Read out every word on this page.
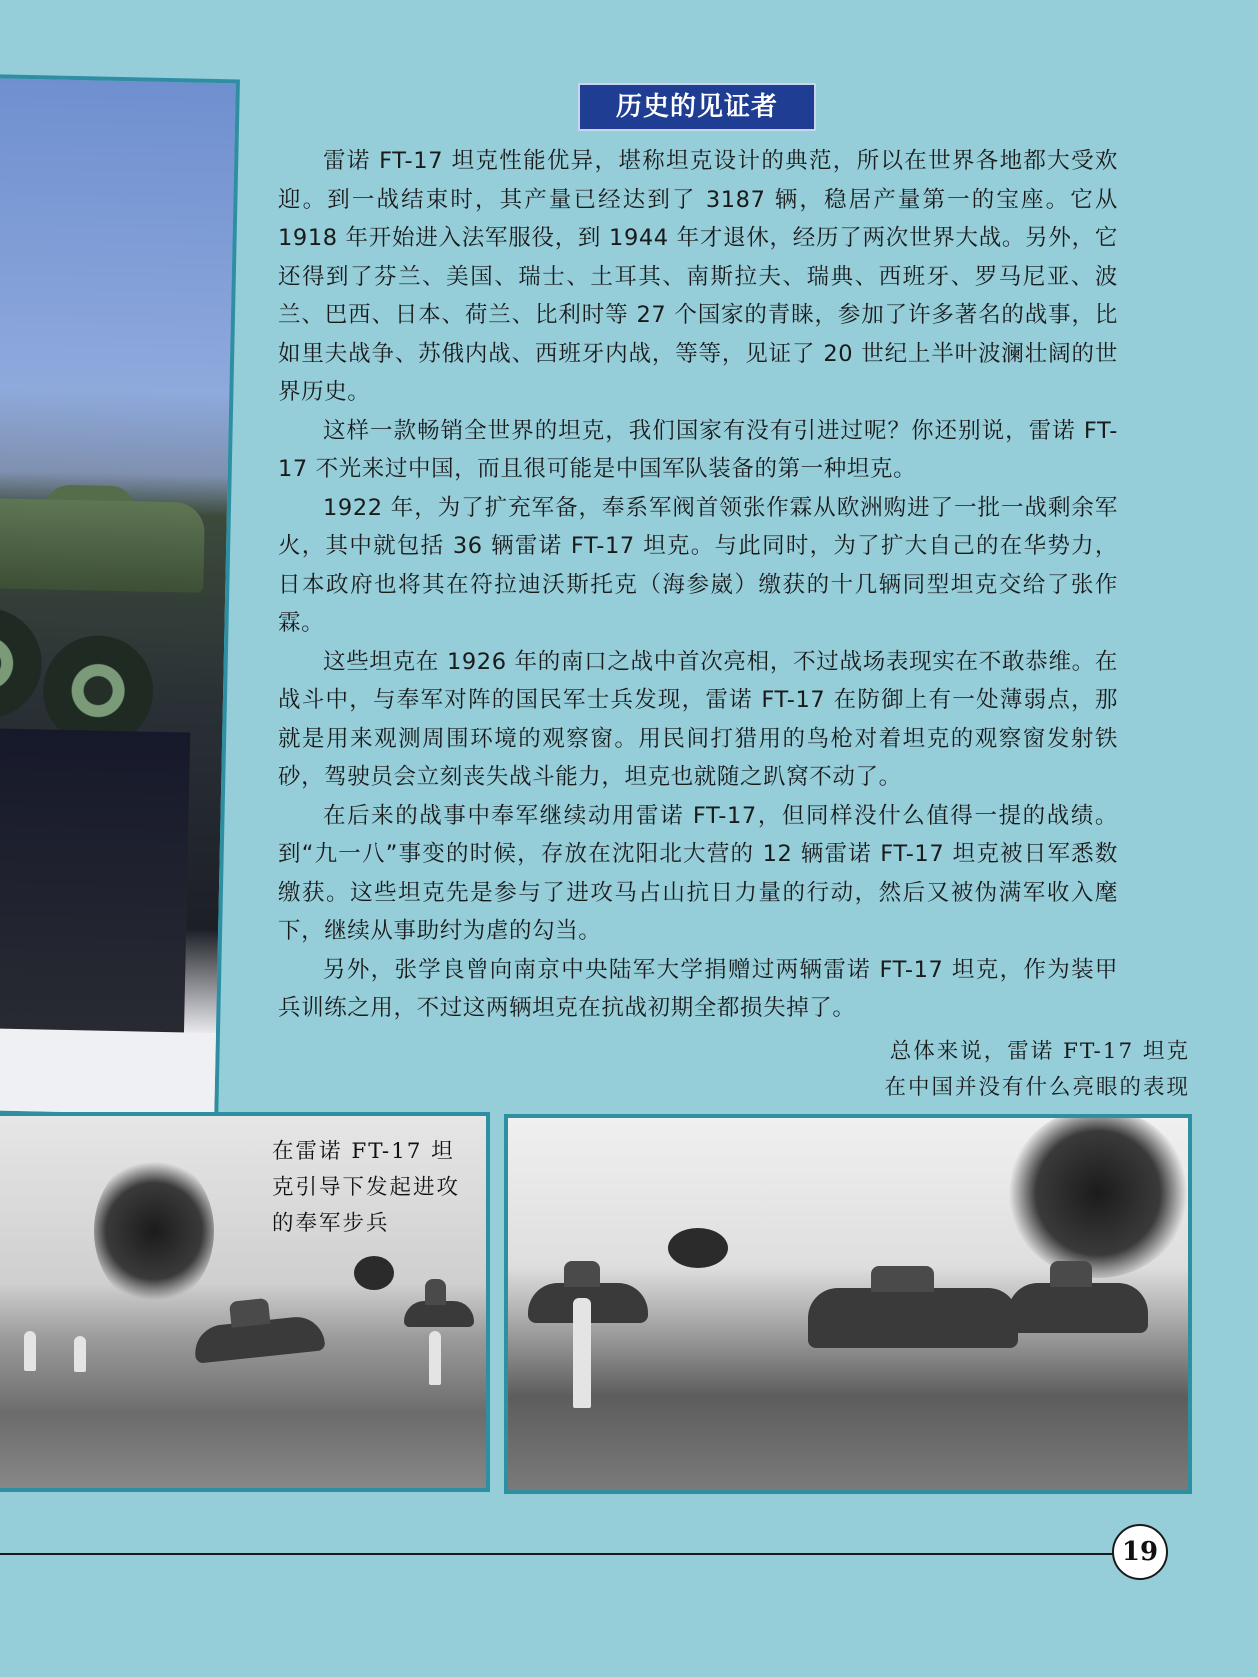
历史的见证者

雷诺 FT-17 坦克性能优异，堪称坦克设计的典范，所以在世界各地都大受欢迎。到一战结束时，其产量已经达到了 3187 辆，稳居产量第一的宝座。它从 1918 年开始进入法军服役，到 1944 年才退休，经历了两次世界大战。另外，它还得到了芬兰、美国、瑞士、土耳其、南斯拉夫、瑞典、西班牙、罗马尼亚、波兰、巴西、日本、荷兰、比利时等 27 个国家的青睐，参加了许多著名的战事，比如里夫战争、苏俄内战、西班牙内战，等等，见证了 20 世纪上半叶波澜壮阔的世界历史。

这样一款畅销全世界的坦克，我们国家有没有引进过呢？你还别说，雷诺 FT-17 不光来过中国，而且很可能是中国军队装备的第一种坦克。

1922 年，为了扩充军备，奉系军阀首领张作霖从欧洲购进了一批一战剩余军火，其中就包括 36 辆雷诺 FT-17 坦克。与此同时，为了扩大自己的在华势力，日本政府也将其在符拉迪沃斯托克（海参崴）缴获的十几辆同型坦克交给了张作霖。

这些坦克在 1926 年的南口之战中首次亮相，不过战场表现实在不敢恭维。在战斗中，与奉军对阵的国民军士兵发现，雷诺 FT-17 在防御上有一处薄弱点，那就是用来观测周围环境的观察窗。用民间打猎用的鸟枪对着坦克的观察窗发射铁砂，驾驶员会立刻丧失战斗能力，坦克也就随之趴窝不动了。

在后来的战事中奉军继续动用雷诺 FT-17，但同样没什么值得一提的战绩。到“九一八”事变的时候，存放在沈阳北大营的 12 辆雷诺 FT-17 坦克被日军悉数缴获。这些坦克先是参与了进攻马占山抗日力量的行动，然后又被伪满军收入麾下，继续从事助纣为虐的勾当。

另外，张学良曾向南京中央陆军大学捐赠过两辆雷诺 FT-17 坦克，作为装甲兵训练之用，不过这两辆坦克在抗战初期全都损失掉了。

总体来说，雷诺 FT-17 坦克
在中国并没有什么亮眼的表现
在雷诺 FT-17 坦
克引导下发起进攻
的奉军步兵
19
